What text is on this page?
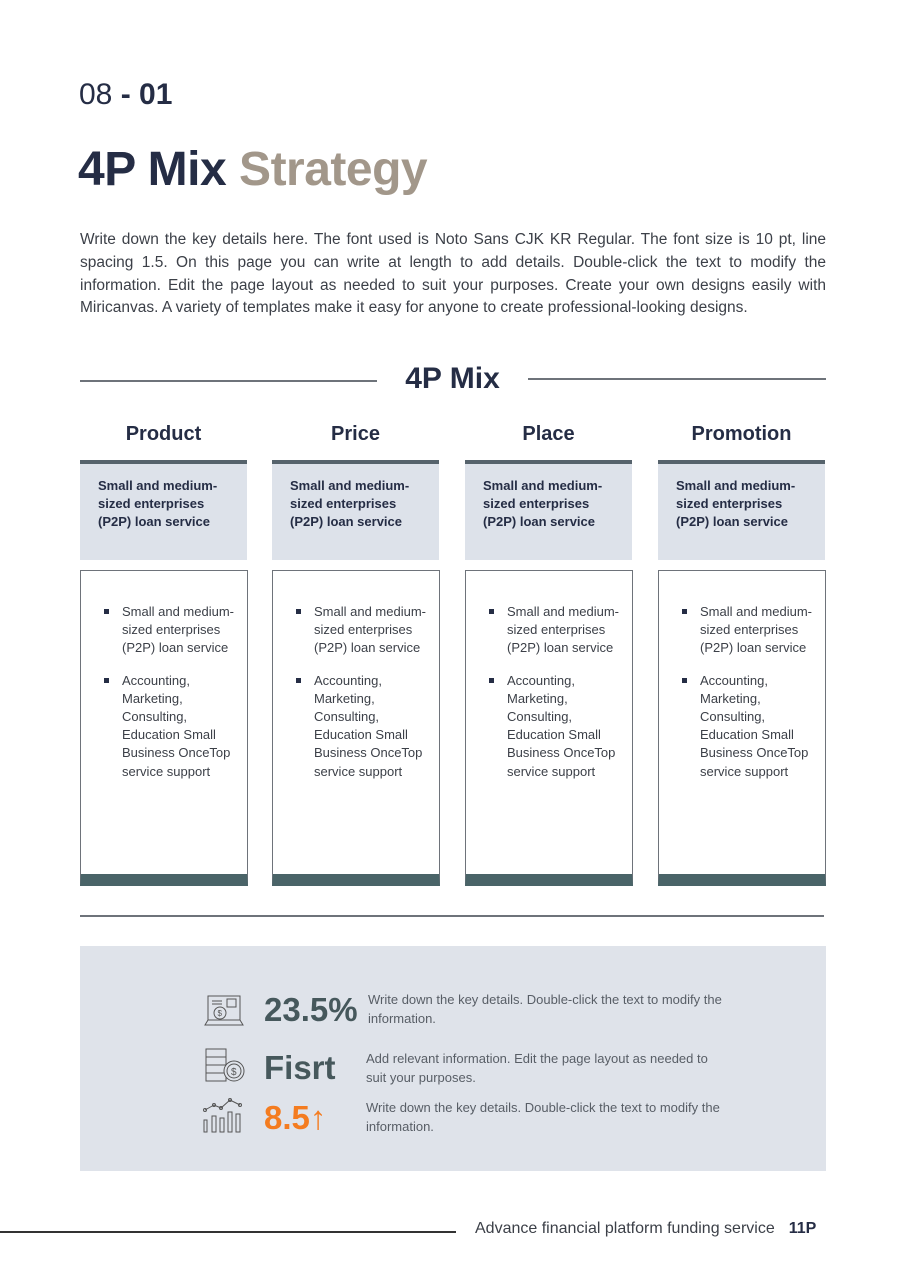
08 - 01
4P Mix Strategy
Write down the key details here. The font used is Noto Sans CJK KR Regular. The font size is 10 pt, line spacing 1.5. On this page you can write at length to add details. Double-click the text to modify the information. Edit the page layout as needed to suit your purposes. Create your own designs easily with Miricanvas. A variety of templates make it easy for anyone to create professional-looking designs.
4P Mix
Product
Small and medium-sized enterprises (P2P) loan service
Small and medium-sized enterprises (P2P) loan service
Accounting, Marketing, Consulting, Education Small Business OnceTop service support
Price
Small and medium-sized enterprises (P2P) loan service
Small and medium-sized enterprises (P2P) loan service
Accounting, Marketing, Consulting, Education Small Business OnceTop service support
Place
Small and medium-sized enterprises (P2P) loan service
Small and medium-sized enterprises (P2P) loan service
Accounting, Marketing, Consulting, Education Small Business OnceTop service support
Promotion
Small and medium-sized enterprises (P2P) loan service
Small and medium-sized enterprises (P2P) loan service
Accounting, Marketing, Consulting, Education Small Business OnceTop service support
$ 23.5% Write down the key details. Double-click the text to modify the information.
$ Fisrt Add relevant information. Edit the page layout as needed to suit your purposes.
8.5↑	Write down the key details. Double-click the text to modify the information.
Advance financial platform funding service 11P
